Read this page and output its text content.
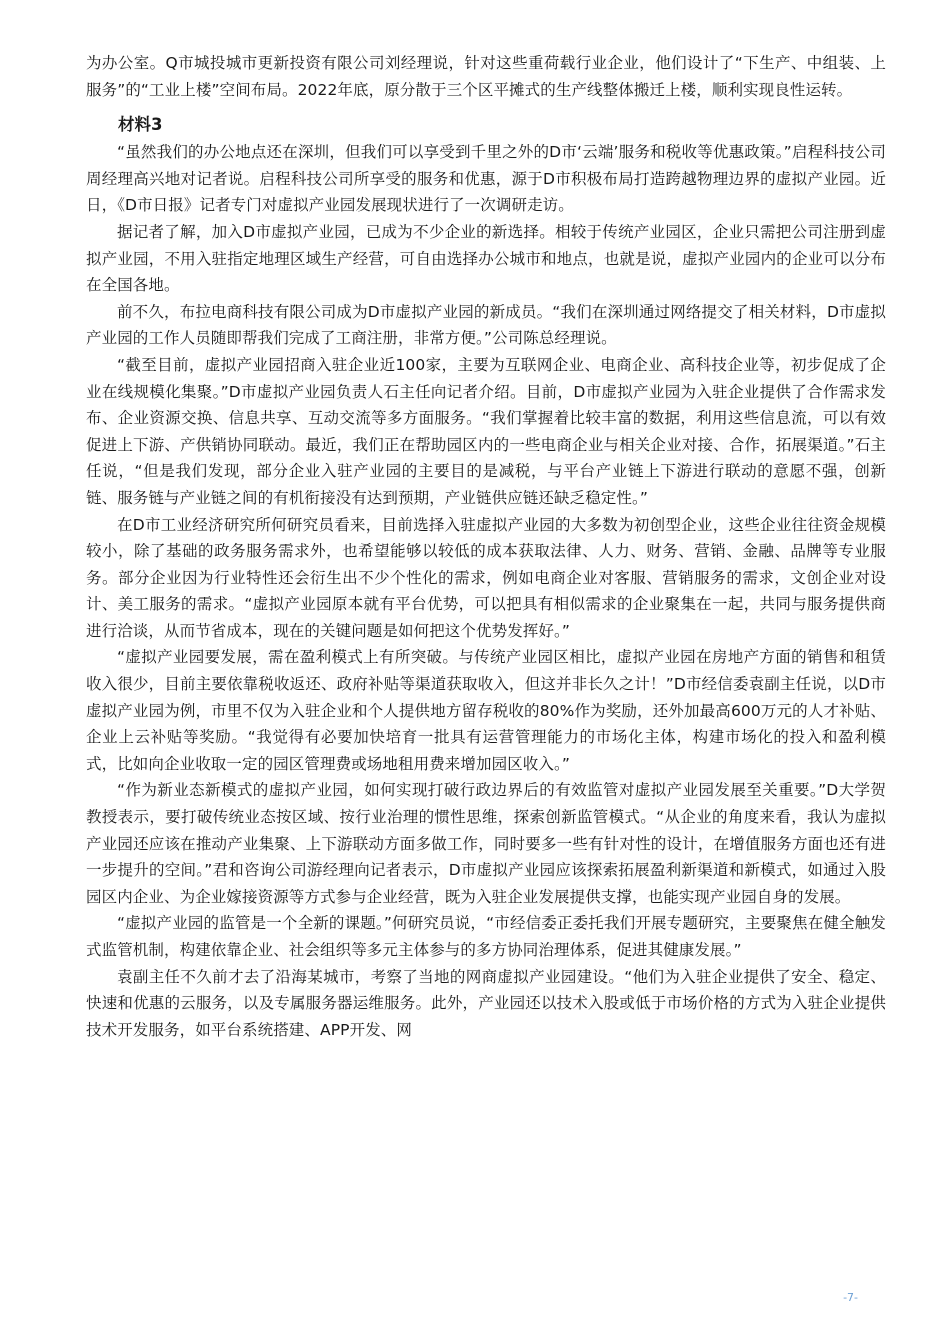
为办公室。Q市城投城市更新投资有限公司刘经理说，针对这些重荷载行业企业，他们设计了“下生产、中组装、上服务”的“工业上楼”空间布局。2022年底，原分散于三个区平摊式的生产线整体搬迁上楼，顺利实现良性运转。

材料3

“虽然我们的办公地点还在深圳，但我们可以享受到千里之外的D市‘云端’服务和税收等优惠政策。”启程科技公司周经理高兴地对记者说。启程科技公司所享受的服务和优惠，源于D市积极布局打造跨越物理边界的虚拟产业园。近日，《D市日报》记者专门对虚拟产业园发展现状进行了一次调研走访。

据记者了解，加入D市虚拟产业园，已成为不少企业的新选择。相较于传统产业园区，企业只需把公司注册到虚拟产业园，不用入驻指定地理区域生产经营，可自由选择办公城市和地点，也就是说，虚拟产业园内的企业可以分布在全国各地。

前不久，布拉电商科技有限公司成为D市虚拟产业园的新成员。“我们在深圳通过网络提交了相关材料，D市虚拟产业园的工作人员随即帮我们完成了工商注册，非常方便。”公司陈总经理说。

“截至目前，虚拟产业园招商入驻企业近100家，主要为互联网企业、电商企业、高科技企业等，初步促成了企业在线规模化集聚。”D市虚拟产业园负责人石主任向记者介绍。目前，D市虚拟产业园为入驻企业提供了合作需求发布、企业资源交换、信息共享、互动交流等多方面服务。“我们掌握着比较丰富的数据，利用这些信息流，可以有效促进上下游、产供销协同联动。最近，我们正在帮助园区内的一些电商企业与相关企业对接、合作，拓展渠道。”石主任说，“但是我们发现，部分企业入驻产业园的主要目的是减税，与平台产业链上下游进行联动的意愿不强，创新链、服务链与产业链之间的有机衔接没有达到预期，产业链供应链还缺乏稳定性。”

在D市工业经济研究所何研究员看来，目前选择入驻虚拟产业园的大多数为初创型企业，这些企业往往资金规模较小，除了基础的政务服务需求外，也希望能够以较低的成本获取法律、人力、财务、营销、金融、品牌等专业服务。部分企业因为行业特性还会衍生出不少个性化的需求，例如电商企业对客服、营销服务的需求，文创企业对设计、美工服务的需求。“虚拟产业园原本就有平台优势，可以把具有相似需求的企业聚集在一起，共同与服务提供商进行洽谈，从而节省成本，现在的关键问题是如何把这个优势发挥好。”

“虚拟产业园要发展，需在盈利模式上有所突破。与传统产业园区相比，虚拟产业园在房地产方面的销售和租赁收入很少，目前主要依靠税收返还、政府补贴等渠道获取收入，但这并非长久之计！”D市经信委袁副主任说，以D市虚拟产业园为例，市里不仅为入驻企业和个人提供地方留存税收的80%作为奖励，还外加最高600万元的人才补贴、企业上云补贴等奖励。“我觉得有必要加快培育一批具有运营管理能力的市场化主体，构建市场化的投入和盈利模式，比如向企业收取一定的园区管理费或场地租用费来增加园区收入。”

“作为新业态新模式的虚拟产业园，如何实现打破行政边界后的有效监管对虚拟产业园发展至关重要。”D大学贺教授表示，要打破传统业态按区域、按行业治理的惯性思维，探索创新监管模式。“从企业的角度来看，我认为虚拟产业园还应该在推动产业集聚、上下游联动方面多做工作，同时要多一些有针对性的设计，在增值服务方面也还有进一步提升的空间。”君和咨询公司游经理向记者表示，D市虚拟产业园应该探索拓展盈利新渠道和新模式，如通过入股园区内企业、为企业嫁接资源等方式参与企业经营，既为入驻企业发展提供支撑，也能实现产业园自身的发展。

“虚拟产业园的监管是一个全新的课题。”何研究员说，“市经信委正委托我们开展专题研究，主要聚焦在健全触发式监管机制，构建依靠企业、社会组织等多元主体参与的多方协同治理体系，促进其健康发展。”

袁副主任不久前才去了沿海某城市，考察了当地的网商虚拟产业园建设。“他们为入驻企业提供了安全、稳定、快速和优惠的云服务，以及专属服务器运维服务。此外，产业园还以技术入股或低于市场价格的方式为入驻企业提供技术开发服务，如平台系统搭建、APP开发、网

-7-
